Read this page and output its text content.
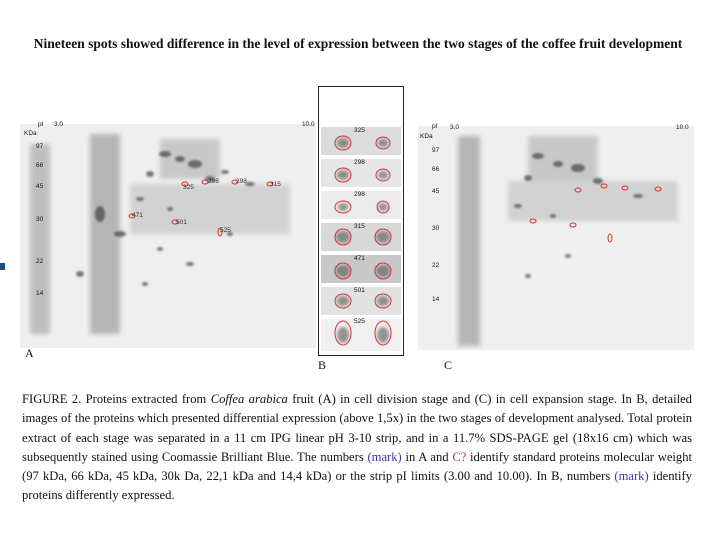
Nineteen spots showed difference in the level of expression between the two stages of the coffee fruit development
pI 3.0	10.0
KDa
97
66
45
30
22
14
325
298	298	315
471
501
525
A
325
298
298
315
471
501
525
B
pI 3.0	10.0
KDa
97
66
45
30
22
14
C
FIGURE 2. Proteins extracted from Coffea arabica fruit (A) in cell division stage and (C) in cell expansion stage. In B, detailed images of the proteins which presented differential expression (above 1,5x) in the two stages of development analysed. Total protein extract of each stage was separated in a 11 cm IPG linear pH 3-10 strip, and in a 11.7% SDS-PAGE gel (18x16 cm) which was subsequently stained using Coomassie Brilliant Blue. The numbers (mark) in A and C? identify standard proteins molecular weight (97 kDa, 66 kDa, 45 kDa, 30k Da, 22,1 kDa and 14,4 kDa) or the strip pI limits (3.00 and 10.00). In B, numbers (mark) identify proteins differently expressed.
